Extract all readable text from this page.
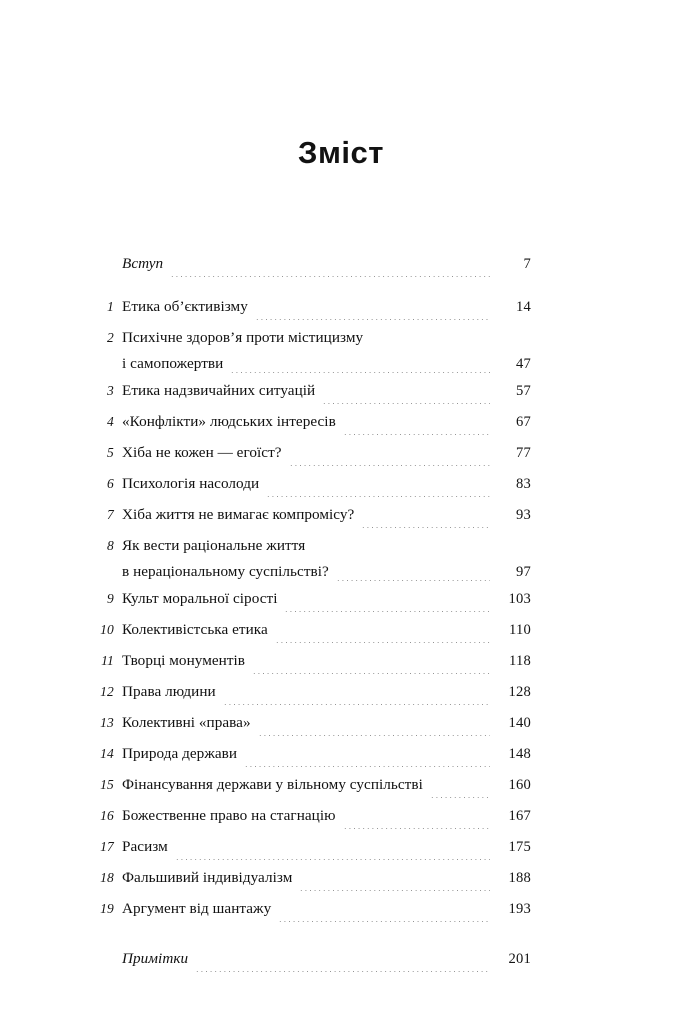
Зміст
Вступ	7
1 Етика об’єктивізму	14
2 Психічне здоров’я проти містицизму
і самопожертви	47
3 Етика надзвичайних ситуацій	57
4 «Конфлікти» людських інтересів	67
5 Хіба не кожен — егоїст?	77
6 Психологія насолоди	83
7 Хіба життя не вимагає компромісу?	93
8 Як вести раціональне життя
в нераціональному суспільстві?	97
9 Культ моральної сірості	103
10 Колективістська етика	110
11 Творці монументів	118
12 Права людини	128
13 Колективні «права»	140
14 Природа держави	148
15 Фінансування держави у вільному суспільстві	160
16 Божественне право на стагнацію	167
17 Расизм	175
18 Фальшивий індивідуалізм	188
19 Аргумент від шантажу	193
Примітки	201
